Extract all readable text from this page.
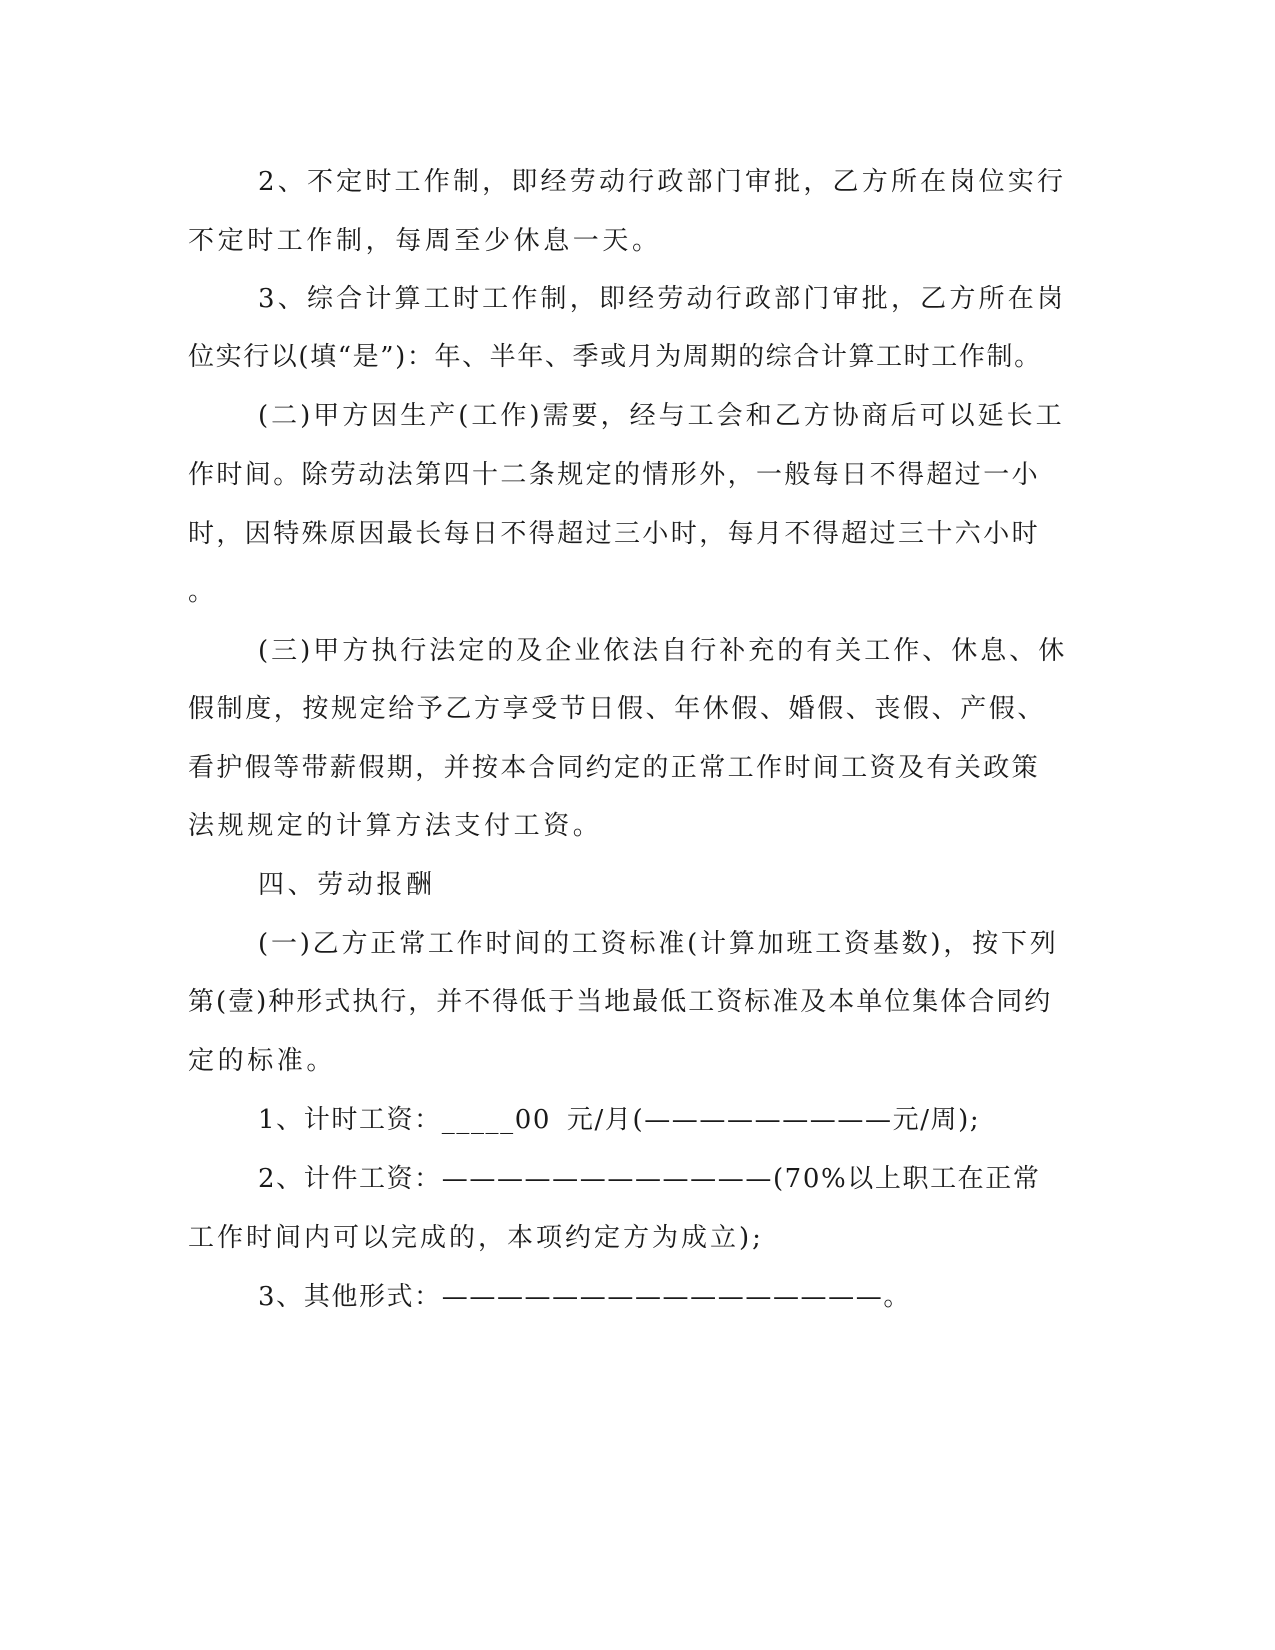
2、不定时工作制，即经劳动行政部门审批，乙方所在岗位实行
不定时工作制，每周至少休息一天。
3、综合计算工时工作制，即经劳动行政部门审批，乙方所在岗
位实行以(填“是”)：年、半年、季或月为周期的综合计算工时工作制。
(二)甲方因生产(工作)需要，经与工会和乙方协商后可以延长工
作时间。除劳动法第四十二条规定的情形外，一般每日不得超过一小
时，因特殊原因最长每日不得超过三小时，每月不得超过三十六小时
。
(三)甲方执行法定的及企业依法自行补充的有关工作、休息、休
假制度，按规定给予乙方享受节日假、年休假、婚假、丧假、产假、
看护假等带薪假期，并按本合同约定的正常工作时间工资及有关政策
法规规定的计算方法支付工资。
四、劳动报酬
(一)乙方正常工作时间的工资标准(计算加班工资基数)，按下列
第(壹)种形式执行，并不得低于当地最低工资标准及本单位集体合同约
定的标准。
1、计时工资：_____00 元/月(—————————元/周);
2、计件工资：————————————(70%以上职工在正常
工作时间内可以完成的，本项约定方为成立);
3、其他形式：————————————————。
